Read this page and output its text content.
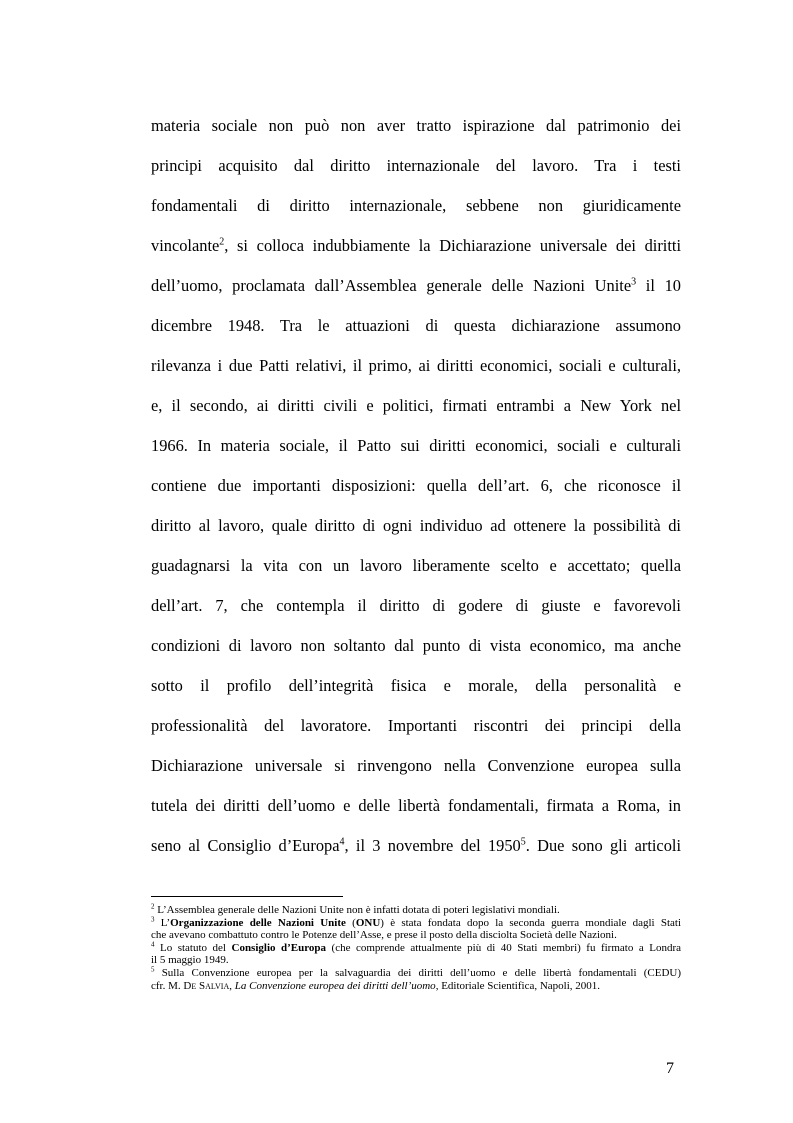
materia sociale non può non aver tratto ispirazione dal patrimonio dei
principi acquisito dal diritto internazionale del lavoro. Tra i testi
fondamentali di diritto internazionale, sebbene non giuridicamente
vincolante$^2$, si colloca indubbiamente la Dichiarazione universale dei diritti
dell’uomo, proclamata dall’Assemblea generale delle Nazioni Unite$^3$ il 10
dicembre 1948. Tra le attuazioni di questa dichiarazione assumono
rilevanza i due Patti relativi, il primo, ai diritti economici, sociali e culturali,
e, il secondo, ai diritti civili e politici, firmati entrambi a New York nel
1966. In materia sociale, il Patto sui diritti economici, sociali e culturali
contiene due importanti disposizioni: quella dell’art. 6, che riconosce il
diritto al lavoro, quale diritto di ogni individuo ad ottenere la possibilità di
guadagnarsi la vita con un lavoro liberamente scelto e accettato; quella
dell’art. 7, che contempla il diritto di godere di giuste e favorevoli
condizioni di lavoro non soltanto dal punto di vista economico, ma anche
sotto il profilo dell’integrità fisica e morale, della personalità e
professionalità del lavoratore. Importanti riscontri dei principi della
Dichiarazione universale si rinvengono nella Convenzione europea sulla
tutela dei diritti dell’uomo e delle libertà fondamentali, firmata a Roma, in
seno al Consiglio d’Europa$^4$, il 3 novembre del 1950$^5$. Due sono gli articoli
$^2$ L’Assemblea generale delle Nazioni Unite non è infatti dotata di poteri legislativi mondiali.
$^3$ L’Organizzazione delle Nazioni Unite (ONU) è stata fondata dopo la seconda guerra mondiale dagli Stati
che avevano combattuto contro le Potenze dell’Asse, e prese il posto della disciolta Società delle Nazioni.
$^4$ Lo statuto del Consiglio d’Europa (che comprende attualmente più di 40 Stati membri) fu firmato a Londra
il 5 maggio 1949.
$^5$ Sulla Convenzione europea per la salvaguardia dei diritti dell’uomo e delle libertà fondamentali (CEDU)
cfr. M. De Salvia, La Convenzione europea dei diritti dell’uomo, Editoriale Scientifica, Napoli, 2001.
7
